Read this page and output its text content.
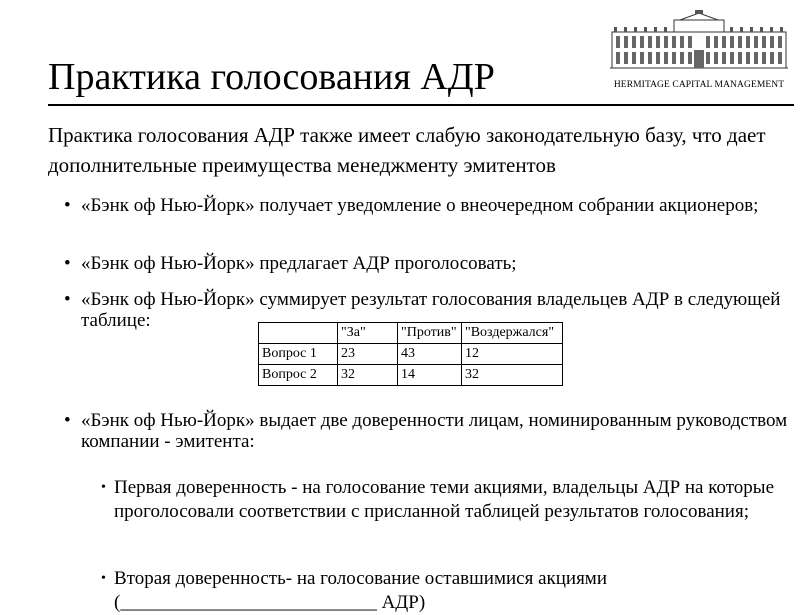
Практика голосования АДР	HERMITAGE CAPITAL MANAGEMENT

Практика голосования АДР также имеет слабую законодательную базу, что дает дополнительные преимущества менеджменту эмитентов

• «Бэнк оф Нью-Йорк» получает уведомление о внеочередном собрании акционеров;
• «Бэнк оф Нью-Йорк» предлагает АДР проголосовать;
• «Бэнк оф Нью-Йорк» суммирует результат голосования владельцев АДР в следующей таблице:
	"За"	"Против"	"Воздержался"
Вопрос 1	23	43	12
Вопрос 2	32	14	32
• «Бэнк оф Нью-Йорк» выдает две доверенности лицам, номинированным руководством компании - эмитента:
• Первая доверенность - на голосование теми акциями, владельцы АДР на которые проголосовали соответствии с присланной таблицей результатов голосования;
• Вторая доверенность- на голосование оставшимися акциями (___________________________ АДР)
